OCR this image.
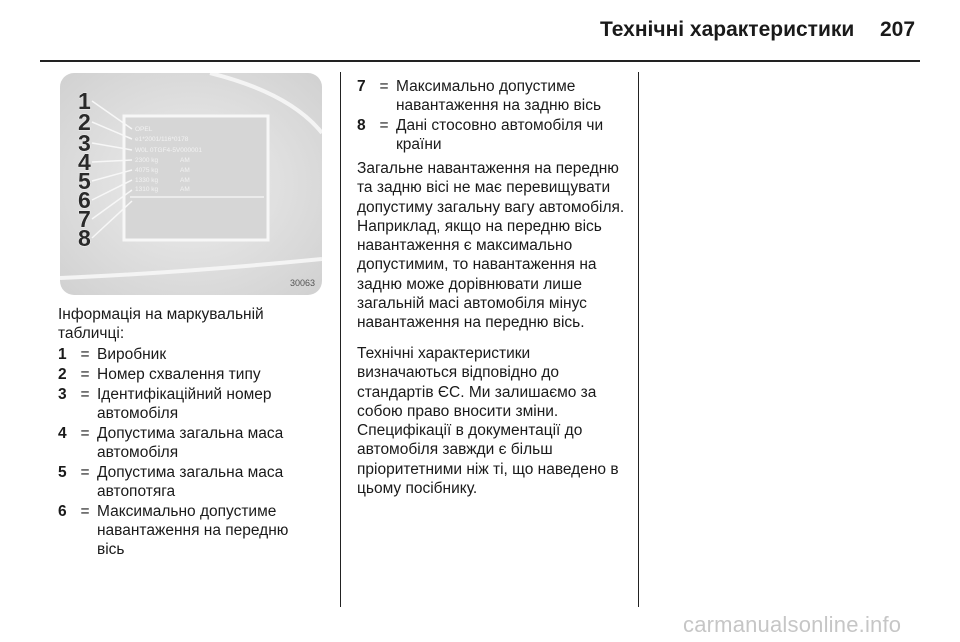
Технічні характеристики 207
OPEL
e1*2001/116*0178
W0L 0TGF4-5V000001
2300 kg
4075 kg
1330 kg
1310 kg
AM
AM
AM
AM
1
2
3
4
5
6
7
8
30063
Інформація на маркувальній табличці:
1 = Виробник
2 = Номер схвалення типу
3 = Ідентифікаційний номер автомобіля
4 = Допустима загальна маса автомобіля
5 = Допустима загальна маса автопотяга
6 = Максимально допустиме навантаження на передню вісь
7 = Максимально допустиме навантаження на задню вісь
8 = Дані стосовно автомобіля чи країни
Загальне навантаження на передню та задню вісі не має перевищувати допустиму загальну вагу автомобіля. Наприклад, якщо на передню вісь навантаження є максимально допустимим, то навантаження на задню може дорівнювати лише загальній масі автомобіля мінус навантаження на передню вісь.
Технічні характеристики визначаються відповідно до стандартів ЄС. Ми залишаємо за собою право вносити зміни. Специфікації в документації до автомобіля завжди є більш пріоритетними ніж ті, що наведено в цьому посібнику.
carmanualsonline.info
